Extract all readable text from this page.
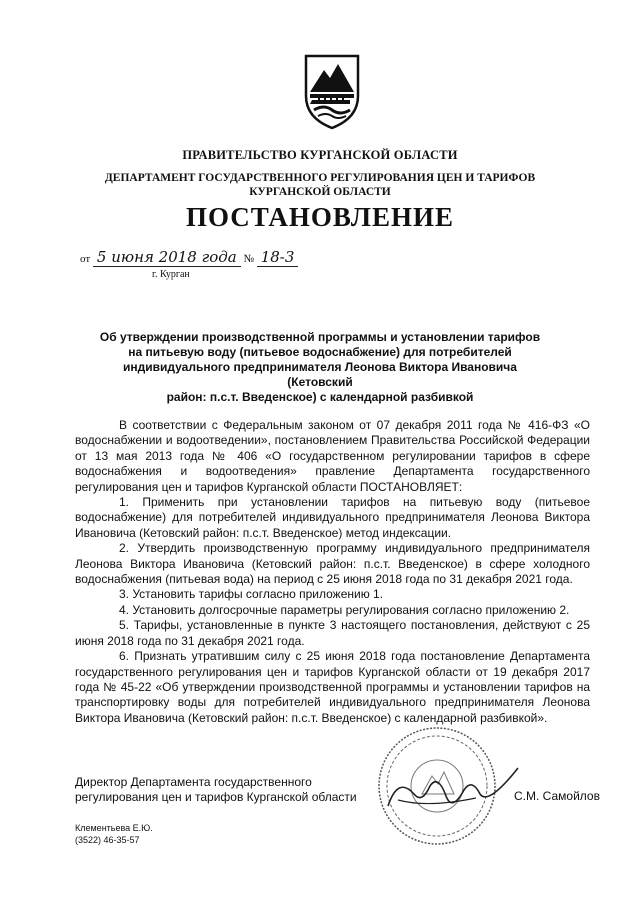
ПРАВИТЕЛЬСТВО КУРГАНСКОЙ ОБЛАСТИ
ДЕПАРТАМЕНТ ГОСУДАРСТВЕННОГО РЕГУЛИРОВАНИЯ ЦЕН И ТАРИФОВ
КУРГАНСКОЙ ОБЛАСТИ
ПОСТАНОВЛЕНИЕ
от 5 июня 2018 года № 18-3
г. Курган
Об утверждении производственной программы и установлении тарифов
на питьевую воду (питьевое водоснабжение) для потребителей
индивидуального предпринимателя Леонова Виктора Ивановича (Кетовский
район: п.с.т. Введенское) с календарной разбивкой

В соответствии с Федеральным законом от 07 декабря 2011 года № 416-ФЗ «О водоснабжении и водоотведении», постановлением Правительства Российской Федерации от 13 мая 2013 года № 406 «О государственном регулировании тарифов в сфере водоснабжения и водоотведения» правление Департамента государственного регулирования цен и тарифов Курганской области ПОСТАНОВЛЯЕТ:

1. Применить при установлении тарифов на питьевую воду (питьевое водоснабжение) для потребителей индивидуального предпринимателя Леонова Виктора Ивановича (Кетовский район: п.с.т. Введенское) метод индексации.

2. Утвердить производственную программу индивидуального предпринимателя Леонова Виктора Ивановича (Кетовский район: п.с.т. Введенское) в сфере холодного водоснабжения (питьевая вода) на период с 25 июня 2018 года по 31 декабря 2021 года.

3. Установить тарифы согласно приложению 1.

4. Установить долгосрочные параметры регулирования согласно приложению 2.

5. Тарифы, установленные в пункте 3 настоящего постановления, действуют с 25 июня 2018 года по 31 декабря 2021 года.

6. Признать утратившим силу с 25 июня 2018 года постановление Департамента государственного регулирования цен и тарифов Курганской области от 19 декабря 2017 года № 45-22 «Об утверждении производственной программы и установлении тарифов на транспортировку воды для потребителей индивидуального предпринимателя Леонова Виктора Ивановича (Кетовский район: п.с.т. Введенское) с календарной разбивкой».

Директор Департамента государственного
регулирования цен и тарифов Курганской области	С.М. Самойлов
Клементьева Е.Ю.
(3522) 46-35-57
